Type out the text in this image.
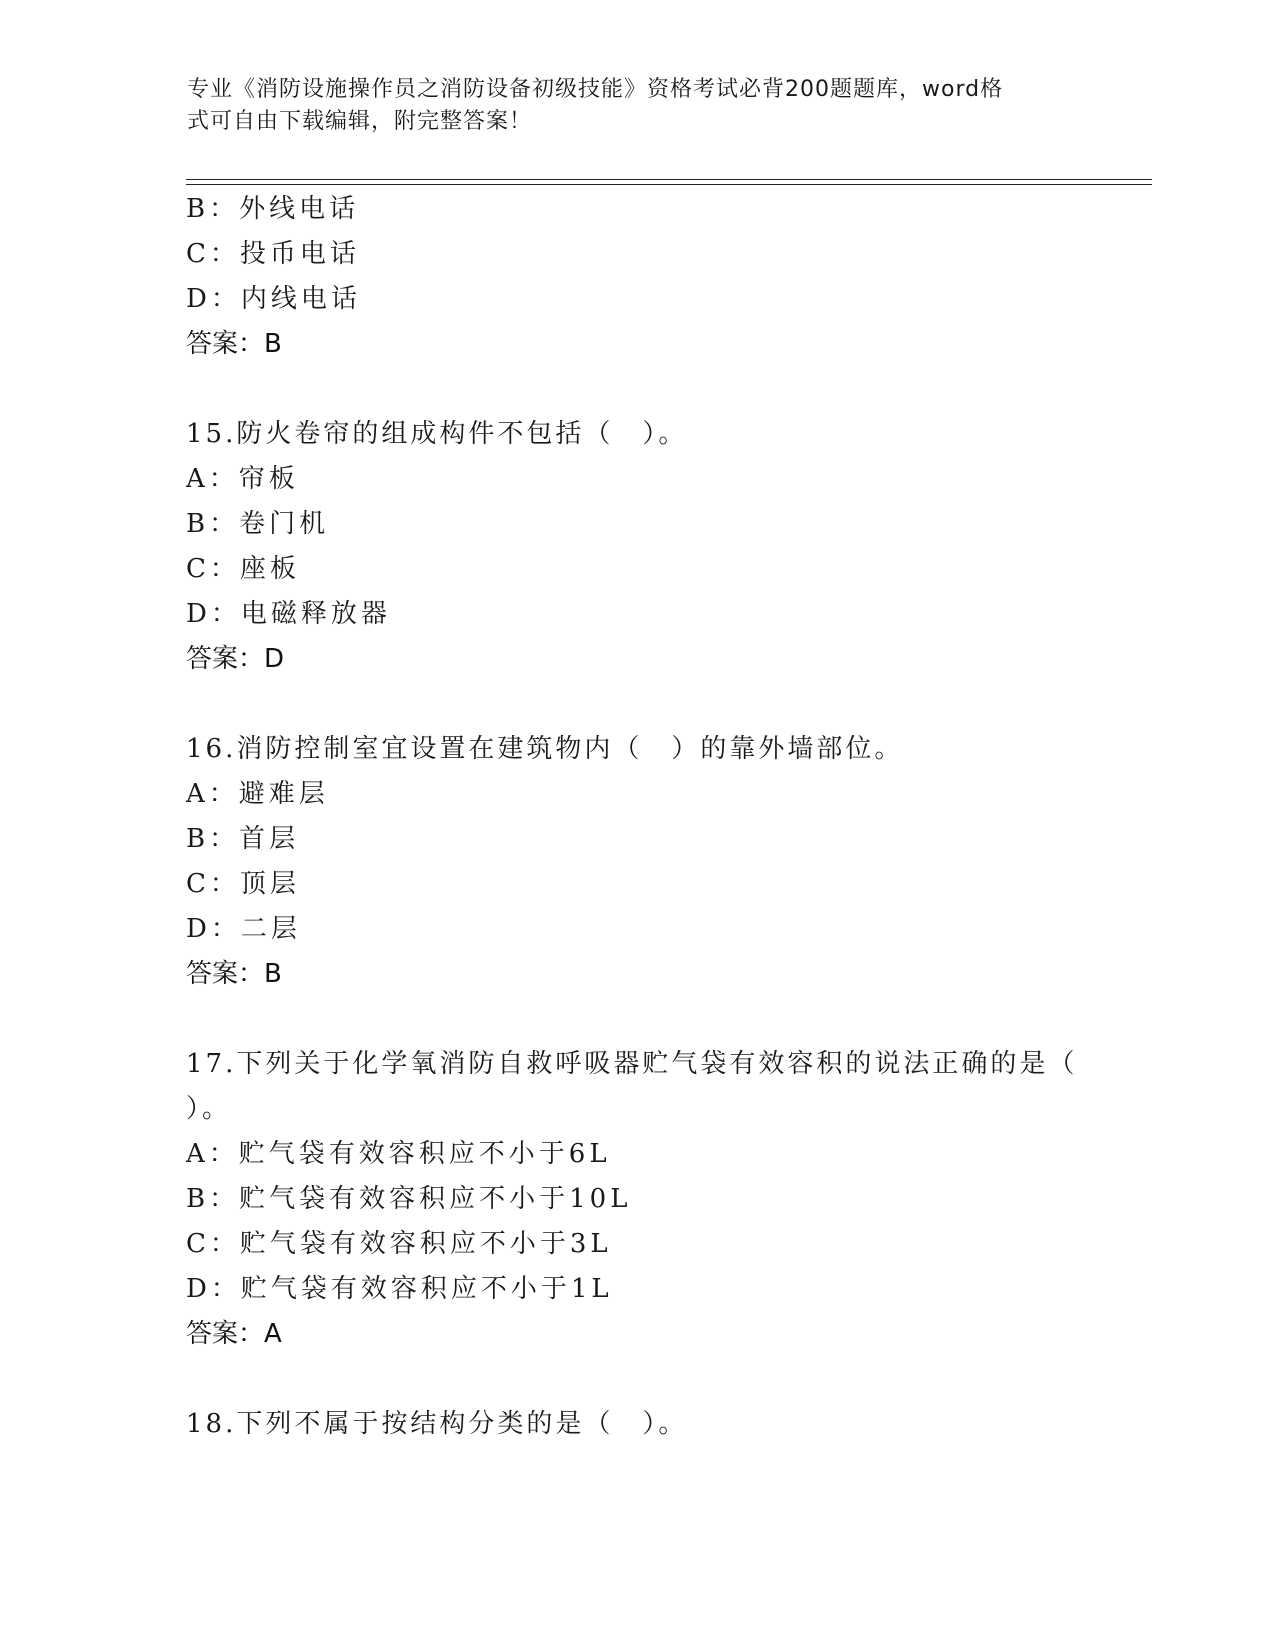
专业《消防设施操作员之消防设备初级技能》资格考试必背200题题库，word格
式可自由下载编辑，附完整答案！
B：外线电话
C：投币电话
D：内线电话
答案：B
15.防火卷帘的组成构件不包括（　）。
A：帘板
B：卷门机
C：座板
D：电磁释放器
答案：D
16.消防控制室宜设置在建筑物内（　）的靠外墙部位。
A：避难层
B：首层
C：顶层
D：二层
答案：B
17.下列关于化学氧消防自救呼吸器贮气袋有效容积的说法正确的是（
）。
A：贮气袋有效容积应不小于6L
B：贮气袋有效容积应不小于10L
C：贮气袋有效容积应不小于3L
D：贮气袋有效容积应不小于1L
答案：A
18.下列不属于按结构分类的是（　）。
